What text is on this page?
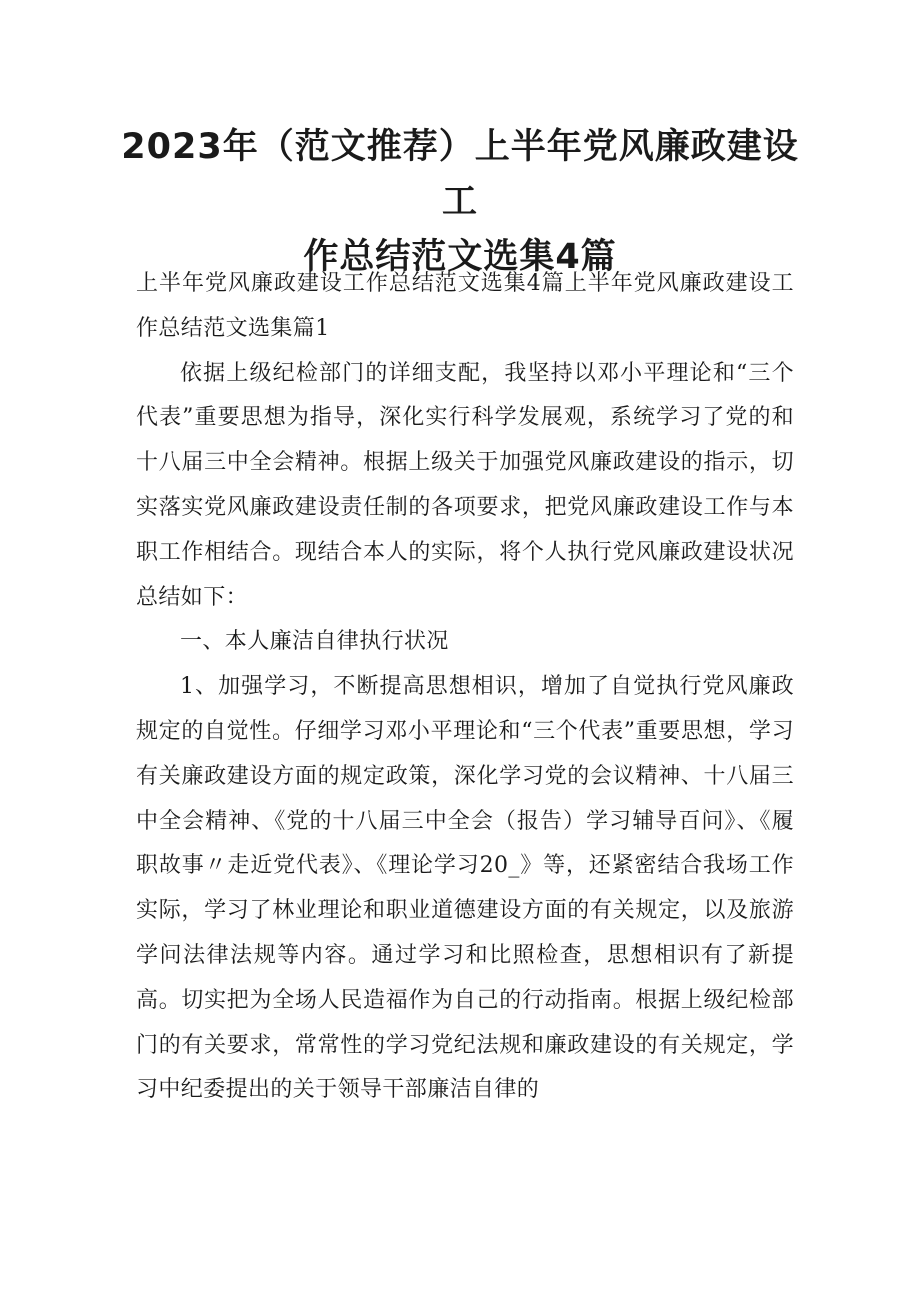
2023年（范文推荐）上半年党风廉政建设工
作总结范文选集4篇

上半年党风廉政建设工作总结范文选集4篇上半年党风廉政建设工作总结范文选集篇1

依据上级纪检部门的详细支配，我坚持以邓小平理论和“三个代表”重要思想为指导，深化实行科学发展观，系统学习了党的和十八届三中全会精神。根据上级关于加强党风廉政建设的指示，切实落实党风廉政建设责任制的各项要求，把党风廉政建设工作与本职工作相结合。现结合本人的实际，将个人执行党风廉政建设状况总结如下：

一、本人廉洁自律执行状况

1、加强学习，不断提高思想相识，增加了自觉执行党风廉政规定的自觉性。仔细学习邓小平理论和“三个代表”重要思想，学习有关廉政建设方面的规定政策，深化学习党的会议精神、十八届三中全会精神、《党的十八届三中全会（报告）学习辅导百问》、《履职故事〃走近党代表》、《理论学习20_》等，还紧密结合我场工作实际，学习了林业理论和职业道德建设方面的有关规定，以及旅游学问法律法规等内容。通过学习和比照检查，思想相识有了新提高。切实把为全场人民造福作为自己的行动指南。根据上级纪检部门的有关要求，常常性的学习党纪法规和廉政建设的有关规定，学习中纪委提出的关于领导干部廉洁自律的
